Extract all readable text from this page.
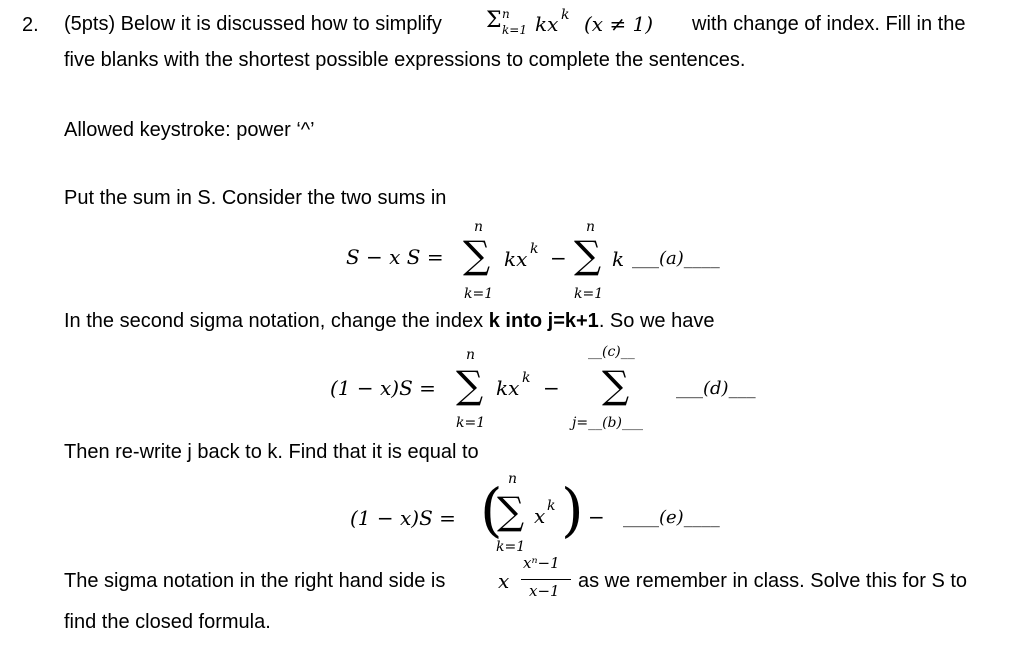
2. (5pts) Below it is discussed how to simplify Σ n
k=1 kx k (x ≠ 1) with change of index. Fill in the
five blanks with the shortest possible expressions to complete the sentences.
Allowed keystroke: power ‘^’
Put the sum in S. Consider the two sums in
S − x S =
n
∑
k=1
kx k −
n
∑
k=1
k ___(a)____
In the second sigma notation, change the index k into j=k+1. So we have
(1 − x)S =
n
∑
k=1
kx k −
__(c)__
∑
j=__(b)___
___(d)___
Then re-write j back to k. Find that it is equal to
(1 − x)S = ( n
∑
k=1
x k ) − ____(e)____
The sigma notation in the right hand side is	x
xⁿ−1
x−1 as we remember in class. Solve this for S to
find the closed formula.
